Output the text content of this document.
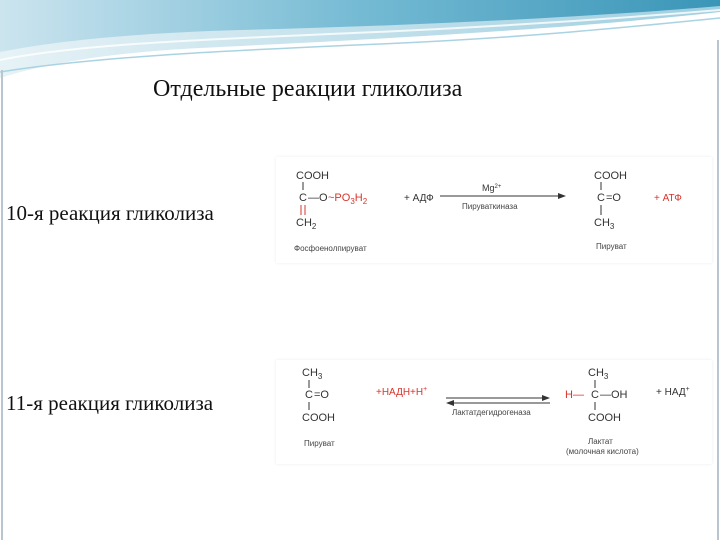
Отдельные реакции гликолиза
10-я реакция гликолиза
11-я реакция гликолиза
COOH
C — O $\sim PO_3H_2$
$CH_2$
Фосфоенолпируват
+ АДФ
$Mg^{2+}$
Пируваткиназа
COOH
C =O
$CH_3$
Пируват
+ АТФ
$CH_3$
C =O
COOH
Пируват
+НАДН+Н+
Лактатдегидрогеназа
$CH_3$
H— C —OH
COOH
Лактат
(молочная кислота)
+ НАД+
